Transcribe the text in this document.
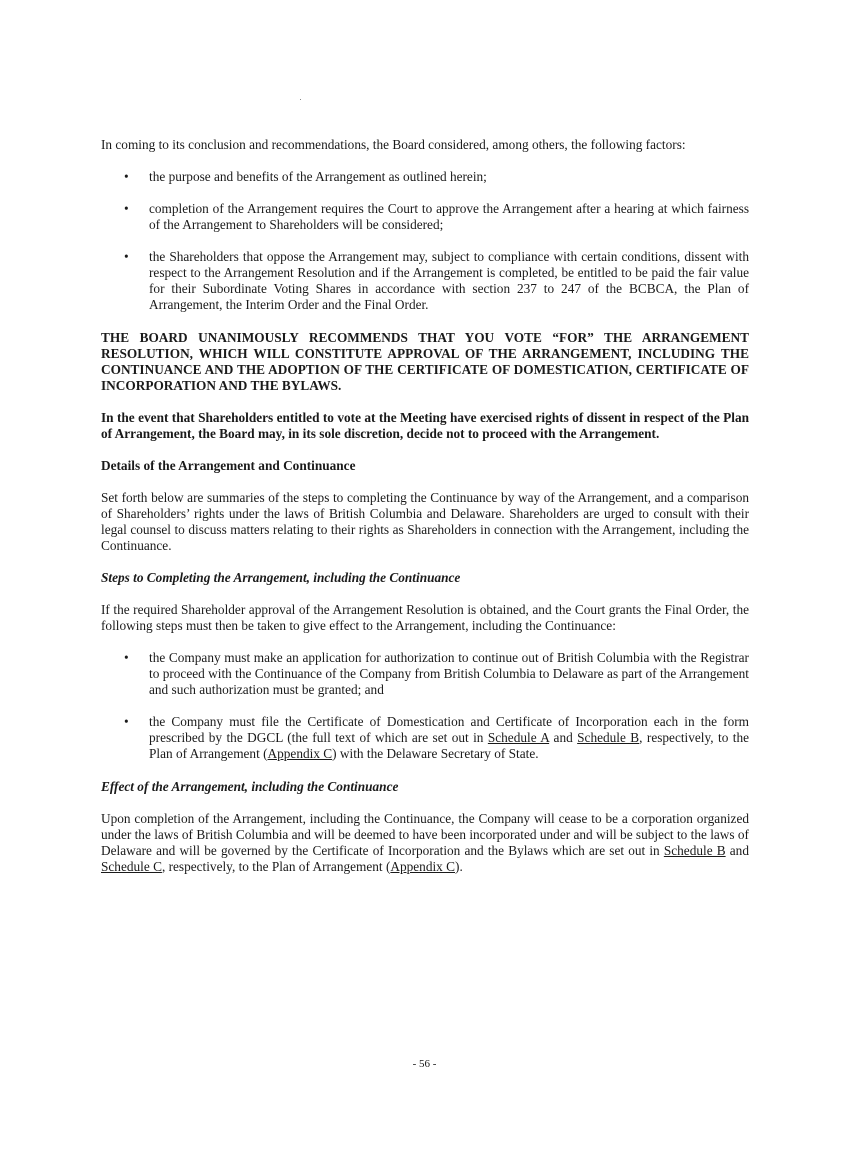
In coming to its conclusion and recommendations, the Board considered, among others, the following factors:

• the purpose and benefits of the Arrangement as outlined herein;
• completion of the Arrangement requires the Court to approve the Arrangement after a hearing at which fairness of the Arrangement to Shareholders will be considered;
• the Shareholders that oppose the Arrangement may, subject to compliance with certain conditions, dissent with respect to the Arrangement Resolution and if the Arrangement is completed, be entitled to be paid the fair value for their Subordinate Voting Shares in accordance with section 237 to 247 of the BCBCA, the Plan of Arrangement, the Interim Order and the Final Order.

THE BOARD UNANIMOUSLY RECOMMENDS THAT YOU VOTE “FOR” THE ARRANGEMENT RESOLUTION, WHICH WILL CONSTITUTE APPROVAL OF THE ARRANGEMENT, INCLUDING THE CONTINUANCE AND THE ADOPTION OF THE CERTIFICATE OF DOMESTICATION, CERTIFICATE OF INCORPORATION AND THE BYLAWS.

In the event that Shareholders entitled to vote at the Meeting have exercised rights of dissent in respect of the Plan of Arrangement, the Board may, in its sole discretion, decide not to proceed with the Arrangement.

Details of the Arrangement and Continuance

Set forth below are summaries of the steps to completing the Continuance by way of the Arrangement, and a comparison of Shareholders’ rights under the laws of British Columbia and Delaware. Shareholders are urged to consult with their legal counsel to discuss matters relating to their rights as Shareholders in connection with the Arrangement, including the Continuance.

Steps to Completing the Arrangement, including the Continuance

If the required Shareholder approval of the Arrangement Resolution is obtained, and the Court grants the Final Order, the following steps must then be taken to give effect to the Arrangement, including the Continuance:

• the Company must make an application for authorization to continue out of British Columbia with the Registrar to proceed with the Continuance of the Company from British Columbia to Delaware as part of the Arrangement and such authorization must be granted; and
• the Company must file the Certificate of Domestication and Certificate of Incorporation each in the form prescribed by the DGCL (the full text of which are set out in Schedule A and Schedule B, respectively, to the Plan of Arrangement (Appendix C) with the Delaware Secretary of State.

Effect of the Arrangement, including the Continuance

Upon completion of the Arrangement, including the Continuance, the Company will cease to be a corporation organized under the laws of British Columbia and will be deemed to have been incorporated under and will be subject to the laws of Delaware and will be governed by the Certificate of Incorporation and the Bylaws which are set out in Schedule B and Schedule C, respectively, to the Plan of Arrangement (Appendix C).

- 56 -
